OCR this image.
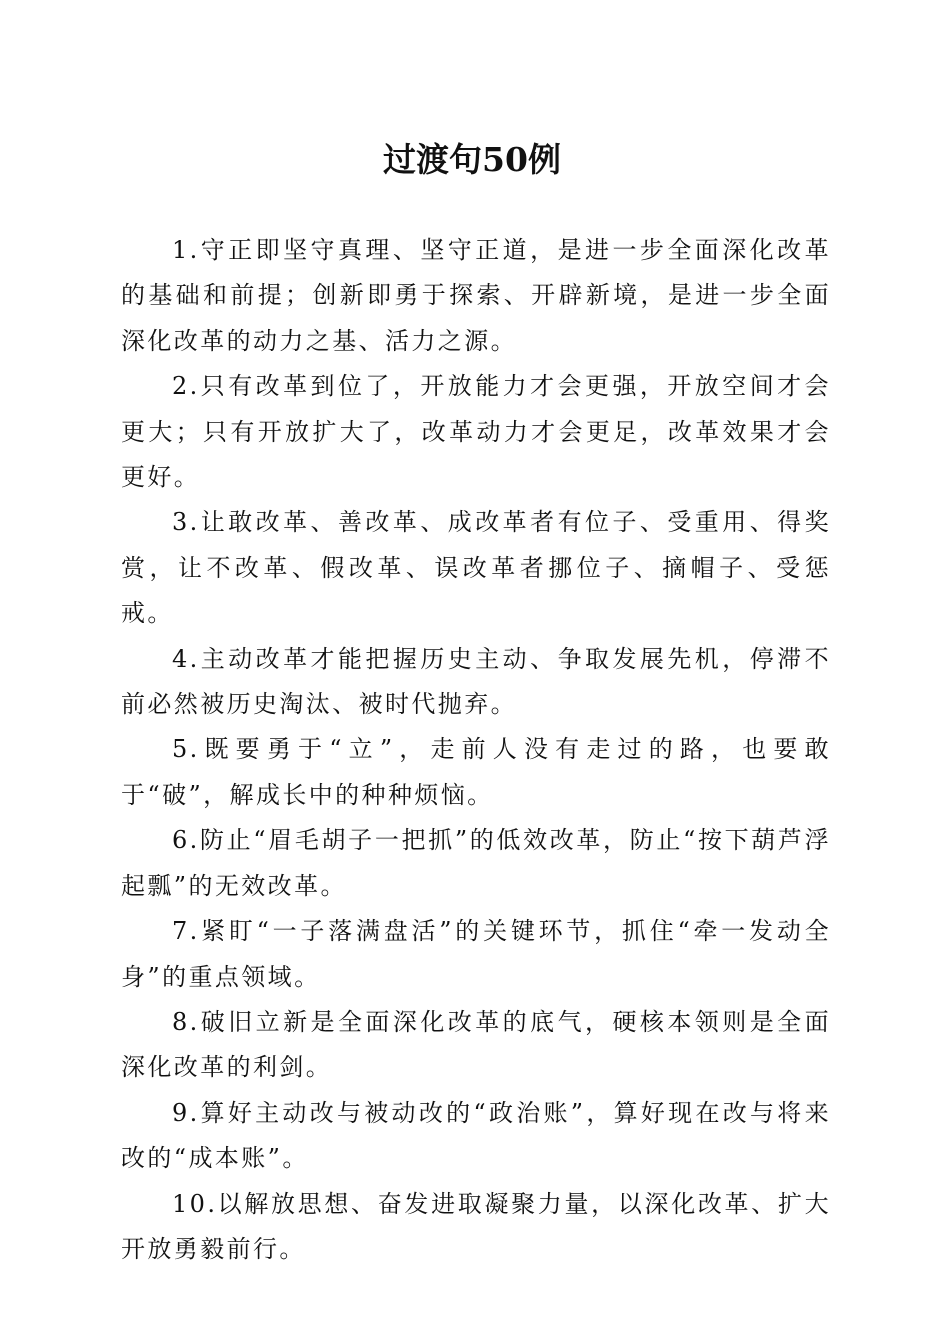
过渡句50例

1.守正即坚守真理、坚守正道，是进一步全面深化改革的基础和前提；创新即勇于探索、开辟新境，是进一步全面深化改革的动力之基、活力之源。

2.只有改革到位了，开放能力才会更强，开放空间才会更大；只有开放扩大了，改革动力才会更足，改革效果才会更好。

3.让敢改革、善改革、成改革者有位子、受重用、得奖赏，让不改革、假改革、误改革者挪位子、摘帽子、受惩戒。

4.主动改革才能把握历史主动、争取发展先机，停滞不前必然被历史淘汰、被时代抛弃。

5.既要勇于“立”，走前人没有走过的路，也要敢于“破”，解成长中的种种烦恼。

6.防止“眉毛胡子一把抓”的低效改革，防止“按下葫芦浮起瓢”的无效改革。

7.紧盯“一子落满盘活”的关键环节，抓住“牵一发动全身”的重点领域。

8.破旧立新是全面深化改革的底气，硬核本领则是全面深化改革的利剑。

9.算好主动改与被动改的“政治账”，算好现在改与将来改的“成本账”。

10.以解放思想、奋发进取凝聚力量，以深化改革、扩大开放勇毅前行。
